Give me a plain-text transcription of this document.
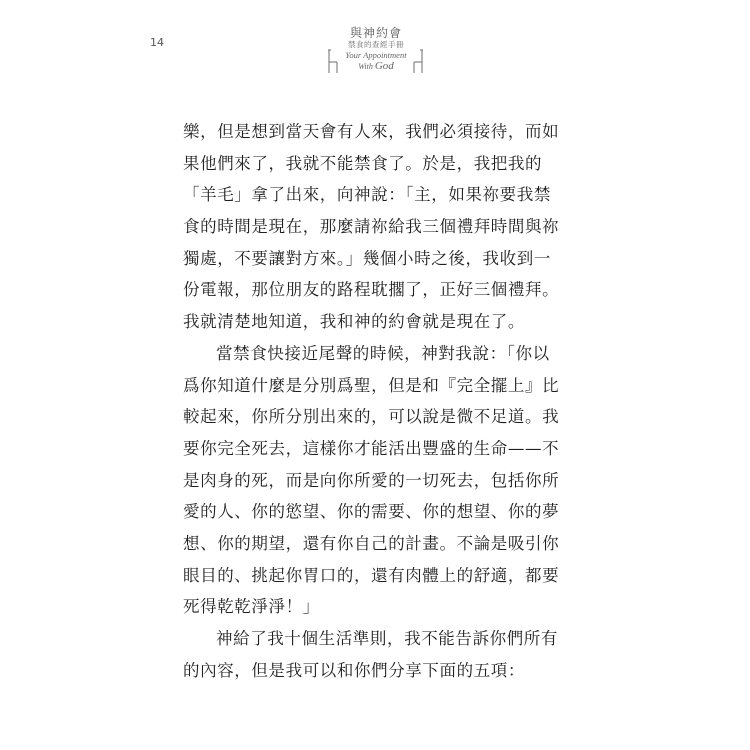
14
與神約會
禁食的查經手冊
Your Appointment
With God
樂，但是想到當天會有人來，我們必須接待，而如
果他們來了，我就不能禁食了。於是，我把我的
「羊毛」拿了出來，向神說：「主，如果祢要我禁
食的時間是現在，那麼請祢給我三個禮拜時間與祢
獨處，不要讓對方來。」幾個小時之後，我收到一
份電報，那位朋友的路程耽擱了，正好三個禮拜。
我就清楚地知道，我和神的約會就是現在了。
當禁食快接近尾聲的時候，神對我說：「你以
爲你知道什麼是分別爲聖，但是和『完全擺上』比
較起來，你所分別出來的，可以說是微不足道。我
要你完全死去，這樣你才能活出豐盛的生命——不
是肉身的死，而是向你所愛的一切死去，包括你所
愛的人、你的慾望、你的需要、你的想望、你的夢
想、你的期望，還有你自己的計畫。不論是吸引你
眼目的、挑起你胃口的，還有肉體上的舒適，都要
死得乾乾淨淨！」
神給了我十個生活準則，我不能告訴你們所有
的內容，但是我可以和你們分享下面的五項：
